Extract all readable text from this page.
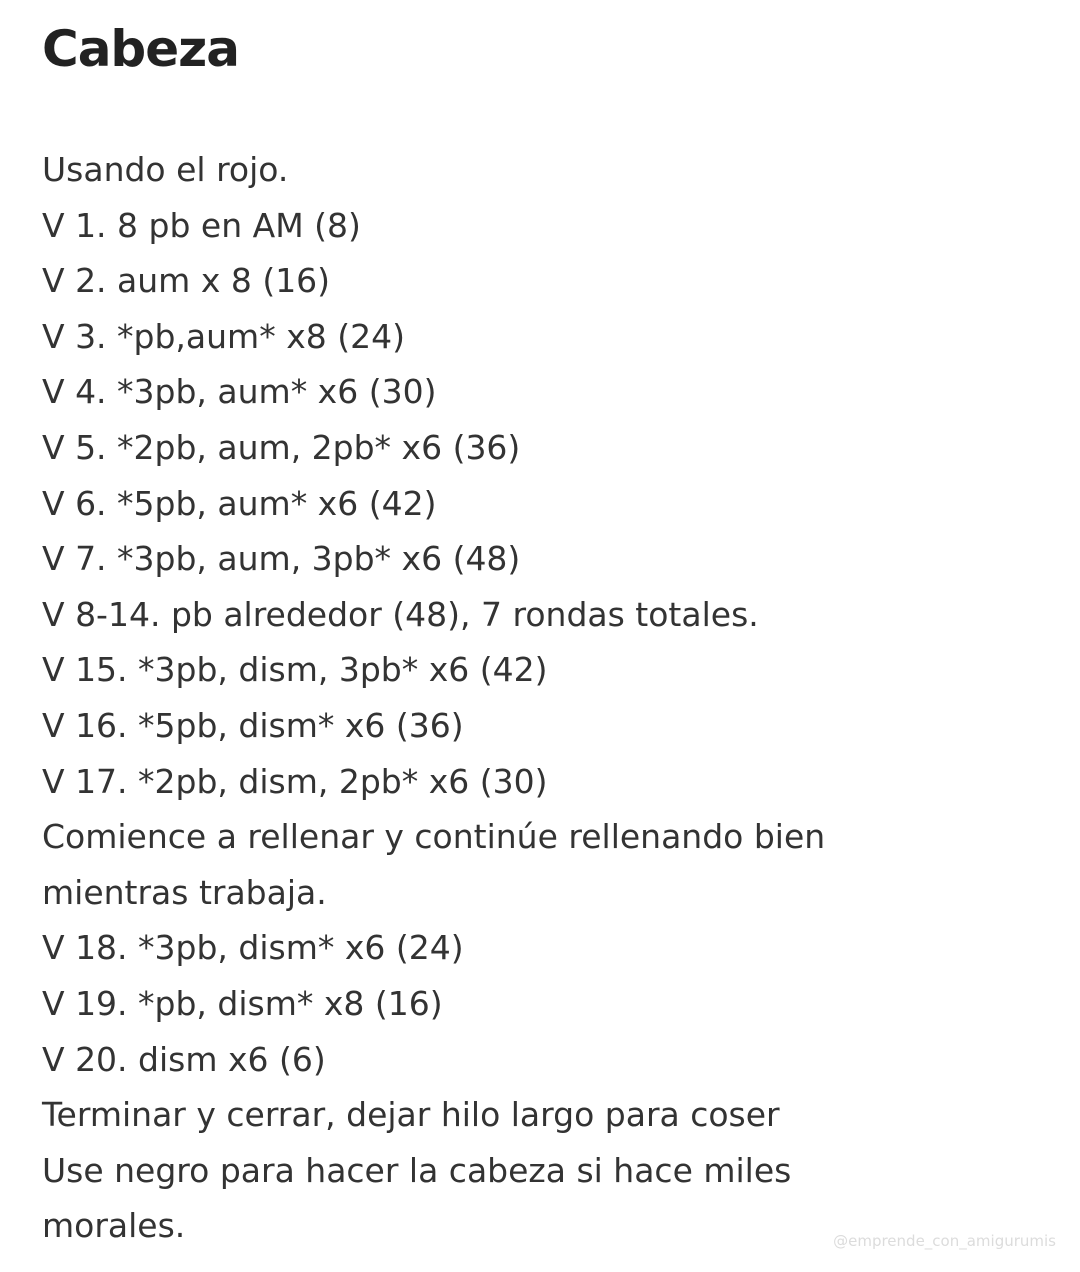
Cabeza
Usando el rojo.
V 1. 8 pb en AM (8)
V 2. aum x 8 (16)
V 3. *pb,aum* x8 (24)
V 4. *3pb, aum* x6 (30)
V 5. *2pb, aum, 2pb* x6 (36)
V 6. *5pb, aum* x6 (42)
V 7. *3pb, aum, 3pb* x6 (48)
V 8-14. pb alrededor (48), 7 rondas totales.
V 15. *3pb, dism, 3pb* x6 (42)
V 16. *5pb, dism* x6 (36)
V 17. *2pb, dism, 2pb* x6 (30)
Comience a rellenar y continúe rellenando bien
mientras trabaja.
V 18. *3pb, dism* x6 (24)
V 19. *pb, dism* x8 (16)
V 20. dism x6 (6)
Terminar y cerrar, dejar hilo largo para coser
Use negro para hacer la cabeza si hace miles
morales.	@emprende_con_amigurumis
